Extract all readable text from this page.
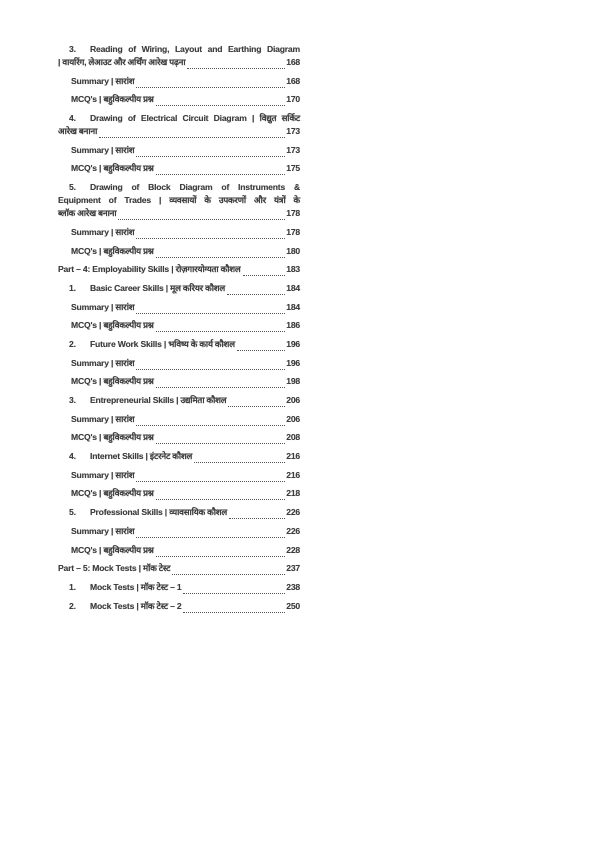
3. Reading of Wiring, Layout and Earthing Diagram
| वायरिंग, लेआउट और अर्थिंग आरेख पढ़ना	168
Summary | सारांश	168
MCQ's | बहुविकल्पीय प्रश्न	170
4. Drawing of Electrical Circuit Diagram | विद्युत सर्किट
आरेख बनाना	173
Summary | सारांश	173
MCQ's | बहुविकल्पीय प्रश्न	175
5. Drawing of Block Diagram of Instruments &
Equipment of Trades | व्यवसायों के उपकरणों और यंत्रों के
ब्लॉक आरेख बनाना	178
Summary | सारांश	178
MCQ's | बहुविकल्पीय प्रश्न	180
Part – 4: Employability Skills | रोज़गारयोग्यता कौशल	183
1. Basic Career Skills | मूल करियर कौशल	184
Summary | सारांश	184
MCQ's | बहुविकल्पीय प्रश्न	186
2. Future Work Skills | भविष्य के कार्य कौशल	196
Summary | सारांश	196
MCQ's | बहुविकल्पीय प्रश्न	198
3. Entrepreneurial Skills | उद्यमिता कौशल	206
Summary | सारांश	206
MCQ's | बहुविकल्पीय प्रश्न	208
4. Internet Skills | इंटरनेट कौशल	216
Summary | सारांश	216
MCQ's | बहुविकल्पीय प्रश्न	218
5. Professional Skills | व्यावसायिक कौशल	226
Summary | सारांश	226
MCQ's | बहुविकल्पीय प्रश्न	228
Part – 5: Mock Tests | मॉक टेस्ट	237
1. Mock Tests | मॉक टेस्ट – 1	238
2. Mock Tests | मॉक टेस्ट – 2	250
